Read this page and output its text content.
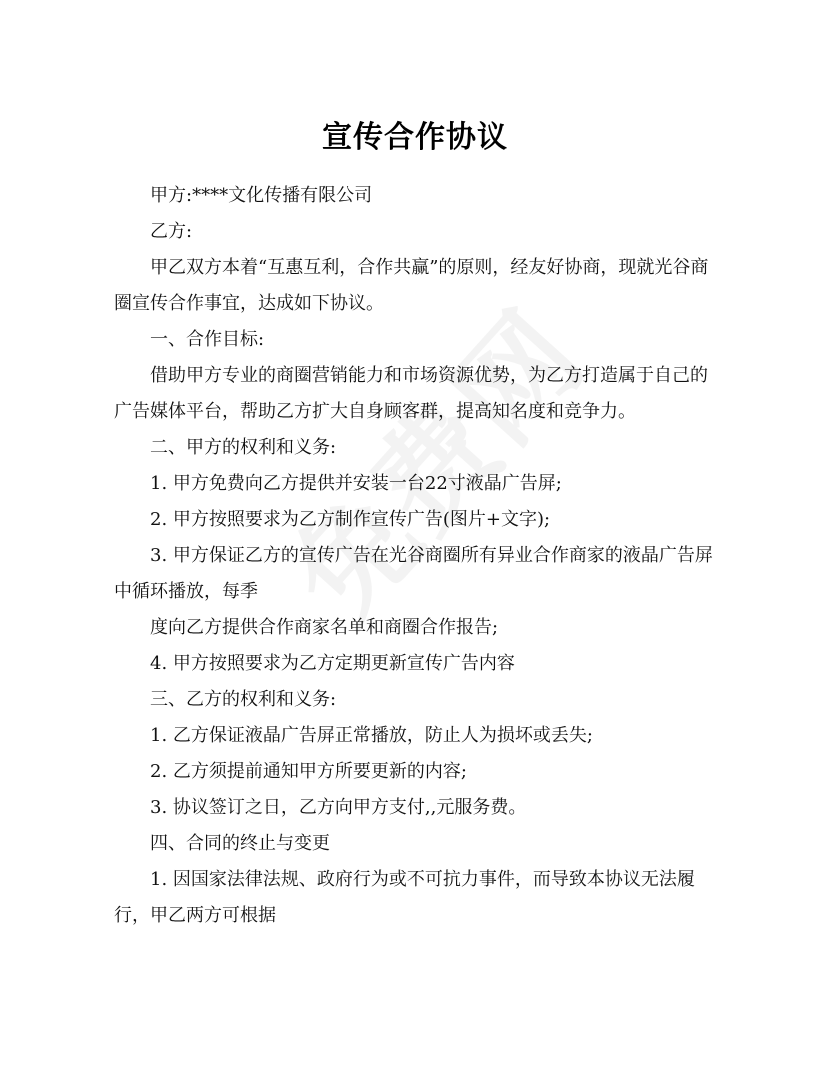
宣传合作协议

甲方:****文化传播有限公司

乙方:

甲乙双方本着“互惠互利，合作共赢”的原则，经友好协商，现就光谷商圈宣传合作事宜，达成如下协议。

一、合作目标:

借助甲方专业的商圈营销能力和市场资源优势，为乙方打造属于自己的广告媒体平台，帮助乙方扩大自身顾客群，提高知名度和竞争力。

二、甲方的权利和义务:

1. 甲方免费向乙方提供并安装一台22寸液晶广告屏;

2. 甲方按照要求为乙方制作宣传广告(图片+文字);

3. 甲方保证乙方的宣传广告在光谷商圈所有异业合作商家的液晶广告屏中循环播放，每季

度向乙方提供合作商家名单和商圈合作报告;

4. 甲方按照要求为乙方定期更新宣传广告内容

三、乙方的权利和义务:

1. 乙方保证液晶广告屏正常播放，防止人为损坏或丢失;

2. 乙方须提前通知甲方所要更新的内容;

3. 协议签订之日，乙方向甲方支付,,元服务费。

四、合同的终止与变更

1. 因国家法律法规、政府行为或不可抗力事件，而导致本协议无法履行，甲乙两方可根据
